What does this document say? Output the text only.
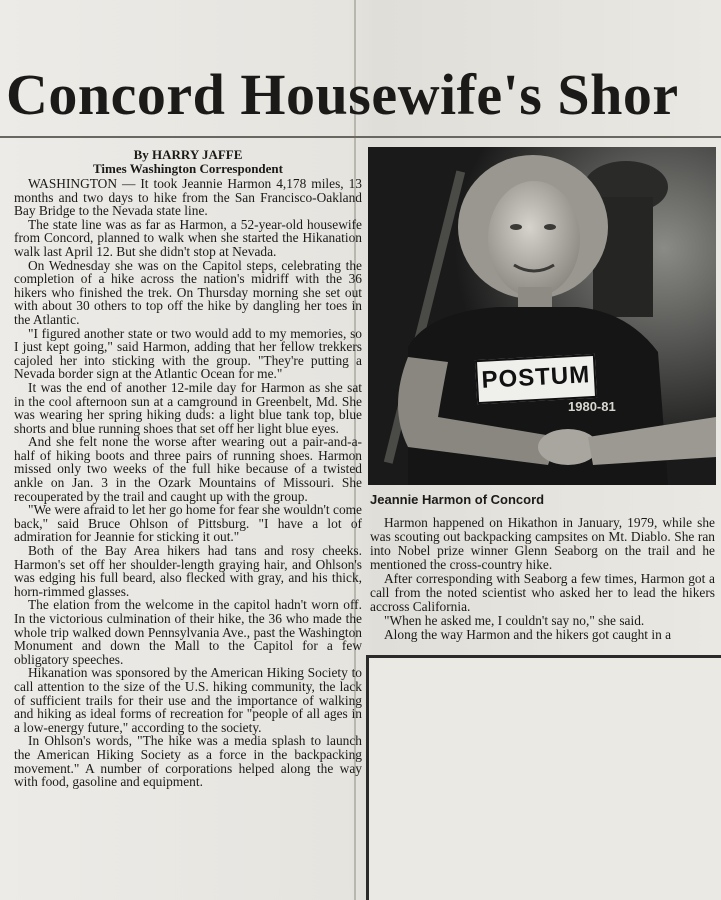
Concord Housewife's Shor

By HARRY JAFFE

Times Washington Correspondent

WASHINGTON — It took Jeannie Harmon 4,178 miles, 13 months and two days to hike from the San Francisco-Oakland Bay Bridge to the Nevada state line.

The state line was as far as Harmon, a 52-year-old housewife from Concord, planned to walk when she started the Hikanation walk last April 12. But she didn't stop at Nevada.

On Wednesday she was on the Capitol steps, celebrating the completion of a hike across the nation's midriff with the 36 hikers who finished the trek. On Thursday morning she set out with about 30 others to top off the hike by dangling her toes in the Atlantic.

"I figured another state or two would add to my memories, so I just kept going," said Harmon, adding that her fellow trekkers cajoled her into sticking with the group. "They're putting a Nevada border sign at the Atlantic Ocean for me."

It was the end of another 12-mile day for Harmon as she sat in the cool afternoon sun at a camground in Greenbelt, Md. She was wearing her spring hiking duds: a light blue tank top, blue shorts and blue running shoes that set off her light blue eyes.

And she felt none the worse after wearing out a pair-and-a-half of hiking boots and three pairs of running shoes. Harmon missed only two weeks of the full hike because of a twisted ankle on Jan. 3 in the Ozark Mountains of Missouri. She recouperated by the trail and caught up with the group.

"We were afraid to let her go home for fear she wouldn't come back," said Bruce Ohlson of Pittsburg. "I have a lot of admiration for Jeannie for sticking it out."

Both of the Bay Area hikers had tans and rosy cheeks. Harmon's set off her shoulder-length graying hair, and Ohlson's was edging his full beard, also flecked with gray, and his thick, horn-rimmed glasses.

The elation from the welcome in the capitol hadn't worn off. In the victorious culmination of their hike, the 36 who made the whole trip walked down Pennsylvania Ave., past the Washington Monument and down the Mall to the Capitol for a few obligatory speeches.

Hikanation was sponsored by the American Hiking Society to call attention to the size of the U.S. hiking community, the lack of sufficient trails for their use and the importance of walking and hiking as ideal forms of recreation for "people of all ages in a low-energy future," according to the society.

In Ohlson's words, "The hike was a media splash to launch the American Hiking Society as a force in the backpacking movement." A number of corporations helped along the way with food, gasoline and equipment.

POSTUM
1980-81

Jeannie Harmon of Concord

Harmon happened on Hikathon in January, 1979, while she was scouting out backpacking campsites on Mt. Diablo. She ran into Nobel prize winner Glenn Seaborg on the trail and he mentioned the cross-country hike.

After corresponding with Seaborg a few times, Harmon got a call from the noted scientist who asked her to lead the hikers accross California.

"When he asked me, I couldn't say no," she said.

Along the way Harmon and the hikers got caught in a
